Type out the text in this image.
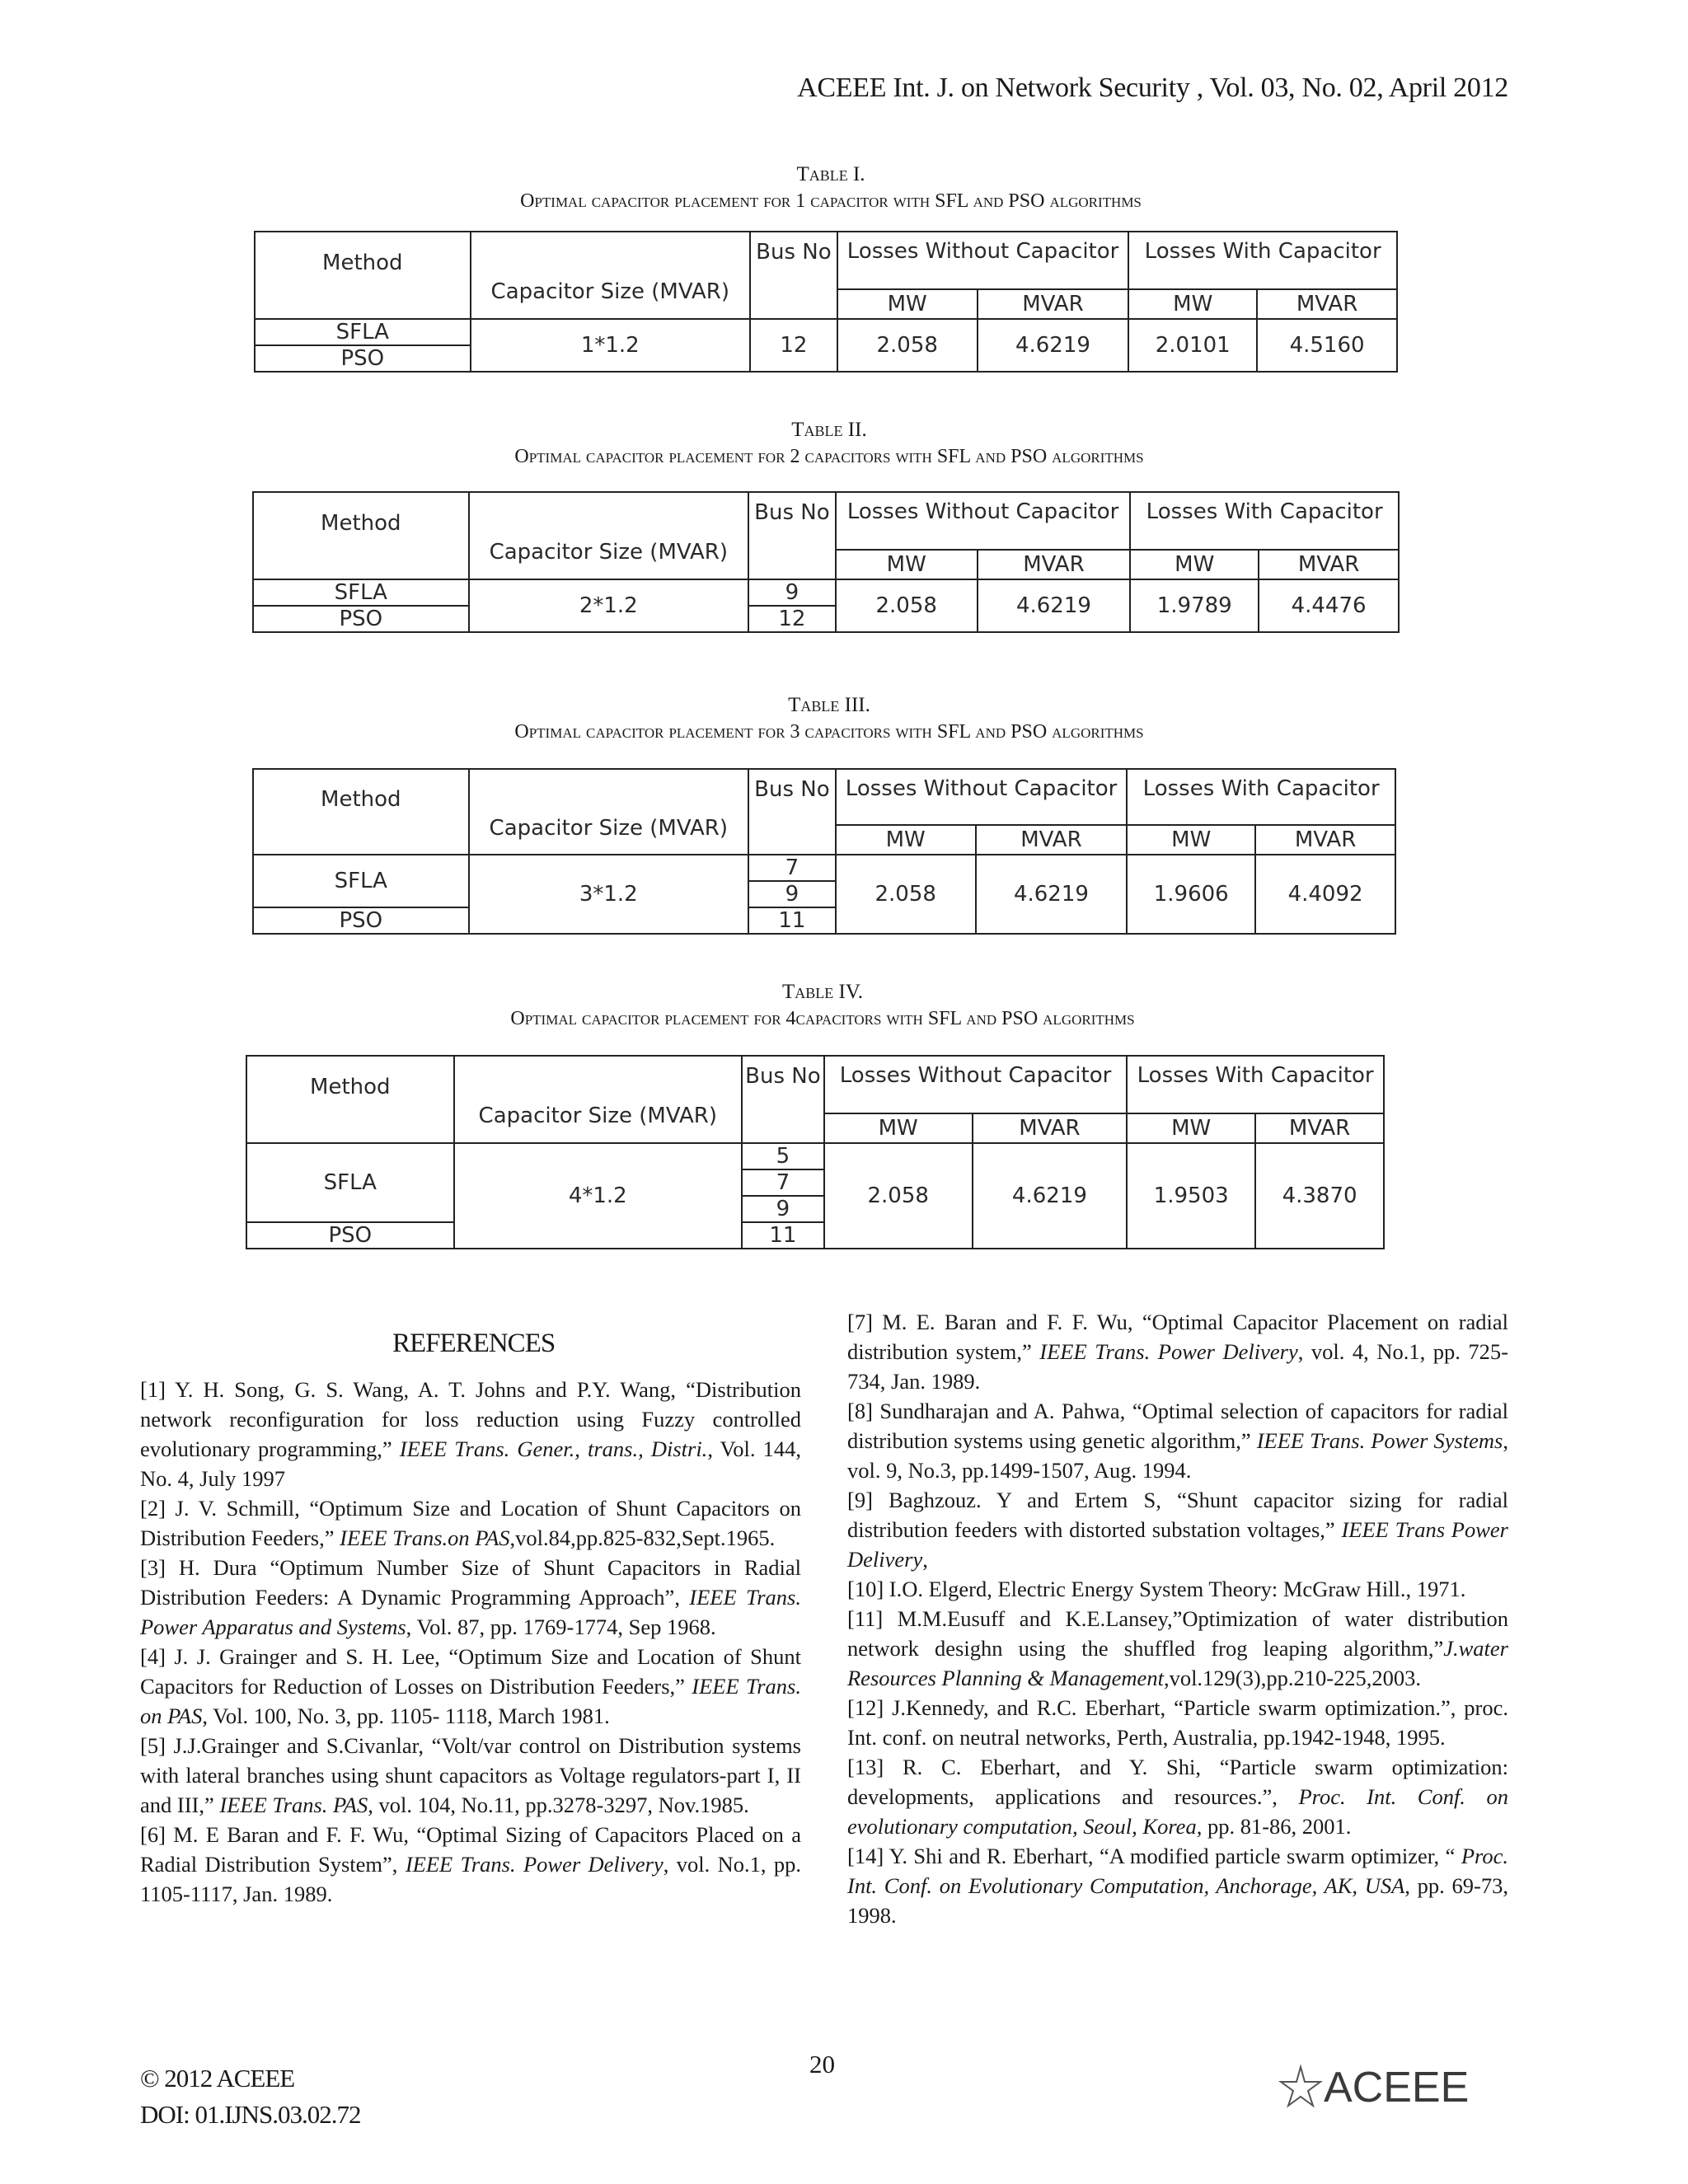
ACEEE Int. J. on Network Security , Vol. 03, No. 02, April 2012
Table I.
Optimal capacitor placement for 1 capacitor with SFL and PSO algorithms
Method	Capacitor Size (MVAR)	Bus No	Losses Without Capacitor		Losses With Capacitor	
			MW	MVAR	MW	MVAR
SFLA	1*1.2	12	2.058	4.6219	2.0101	4.5160
PSO						
Table II.
Optimal capacitor placement for 2 capacitors with SFL and PSO algorithms
Method	Capacitor Size (MVAR)	Bus No	Losses Without Capacitor		Losses With Capacitor	
			MW	MVAR	MW	MVAR
SFLA	2*1.2	9	2.058	4.6219	1.9789	4.4476
PSO		12				
Table III.
Optimal capacitor placement for 3 capacitors with SFL and PSO algorithms
Method	Capacitor Size (MVAR)	Bus No	Losses Without Capacitor		Losses With Capacitor	
			MW	MVAR	MW	MVAR
SFLA	3*1.2	7	2.058	4.6219	1.9606	4.4092
		9				
PSO		11				
Table IV.
Optimal capacitor placement for 4capacitors with SFL and PSO algorithms
Method	Capacitor Size (MVAR)	Bus No	Losses Without Capacitor		Losses With Capacitor	
			MW	MVAR	MW	MVAR
SFLA	4*1.2	5	2.058	4.6219	1.9503	4.3870
		7				
		9				
PSO		11				
REFERENCES

[1] Y. H. Song, G. S. Wang, A. T. Johns and P.Y. Wang, “Distribution network reconfiguration for loss reduction using Fuzzy controlled evolutionary programming,” IEEE Trans. Gener., trans., Distri., Vol. 144, No. 4, July 1997

[2] J. V. Schmill, “Optimum Size and Location of Shunt Capacitors on Distribution Feeders,” IEEE Trans.on PAS,vol.84,pp.825-832,Sept.1965.

[3] H. Dura “Optimum Number Size of Shunt Capacitors in Radial Distribution Feeders: A Dynamic Programming Approach”, IEEE Trans. Power Apparatus and Systems, Vol. 87, pp. 1769-1774, Sep 1968.

[4] J. J. Grainger and S. H. Lee, “Optimum Size and Location of Shunt Capacitors for Reduction of Losses on Distribution Feeders,” IEEE Trans. on PAS, Vol. 100, No. 3, pp. 1105- 1118, March 1981.

[5] J.J.Grainger and S.Civanlar, “Volt/var control on Distribution systems with lateral branches using shunt capacitors as Voltage regulators-part I, II and III,” IEEE Trans. PAS, vol. 104, No.11, pp.3278-3297, Nov.1985.

[6] M. E Baran and F. F. Wu, “Optimal Sizing of Capacitors Placed on a Radial Distribution System”, IEEE Trans. Power Delivery, vol. No.1, pp. 1105-1117, Jan. 1989.

[7] M. E. Baran and F. F. Wu, “Optimal Capacitor Placement on radial distribution system,” IEEE Trans. Power Delivery, vol. 4, No.1, pp. 725- 734, Jan. 1989.

[8] Sundharajan and A. Pahwa, “Optimal selection of capacitors for radial distribution systems using genetic algorithm,” IEEE Trans. Power Systems, vol. 9, No.3, pp.1499-1507, Aug. 1994.

[9] Baghzouz. Y and Ertem S, “Shunt capacitor sizing for radial distribution feeders with distorted substation voltages,” IEEE Trans Power Delivery,

[10] I.O. Elgerd, Electric Energy System Theory: McGraw Hill., 1971.

[11] M.M.Eusuff and K.E.Lansey,”Optimization of water distribution network desighn using the shuffled frog leaping algorithm,”J.water Resources Planning & Management,vol.129(3),pp.210-225,2003.

[12] J.Kennedy, and R.C. Eberhart, “Particle swarm optimization.”, proc. Int. conf. on neutral networks, Perth, Australia, pp.1942-1948, 1995.

[13] R. C. Eberhart, and Y. Shi, “Particle swarm optimization: developments, applications and resources.”, Proc. Int. Conf. on evolutionary computation, Seoul, Korea, pp. 81-86, 2001.

[14] Y. Shi and R. Eberhart, “A modified particle swarm optimizer, “ Proc. Int. Conf. on Evolutionary Computation, Anchorage, AK, USA, pp. 69-73, 1998.

© 2012 ACEEE
DOI: 01.IJNS.03.02.72
20	ACEEE
